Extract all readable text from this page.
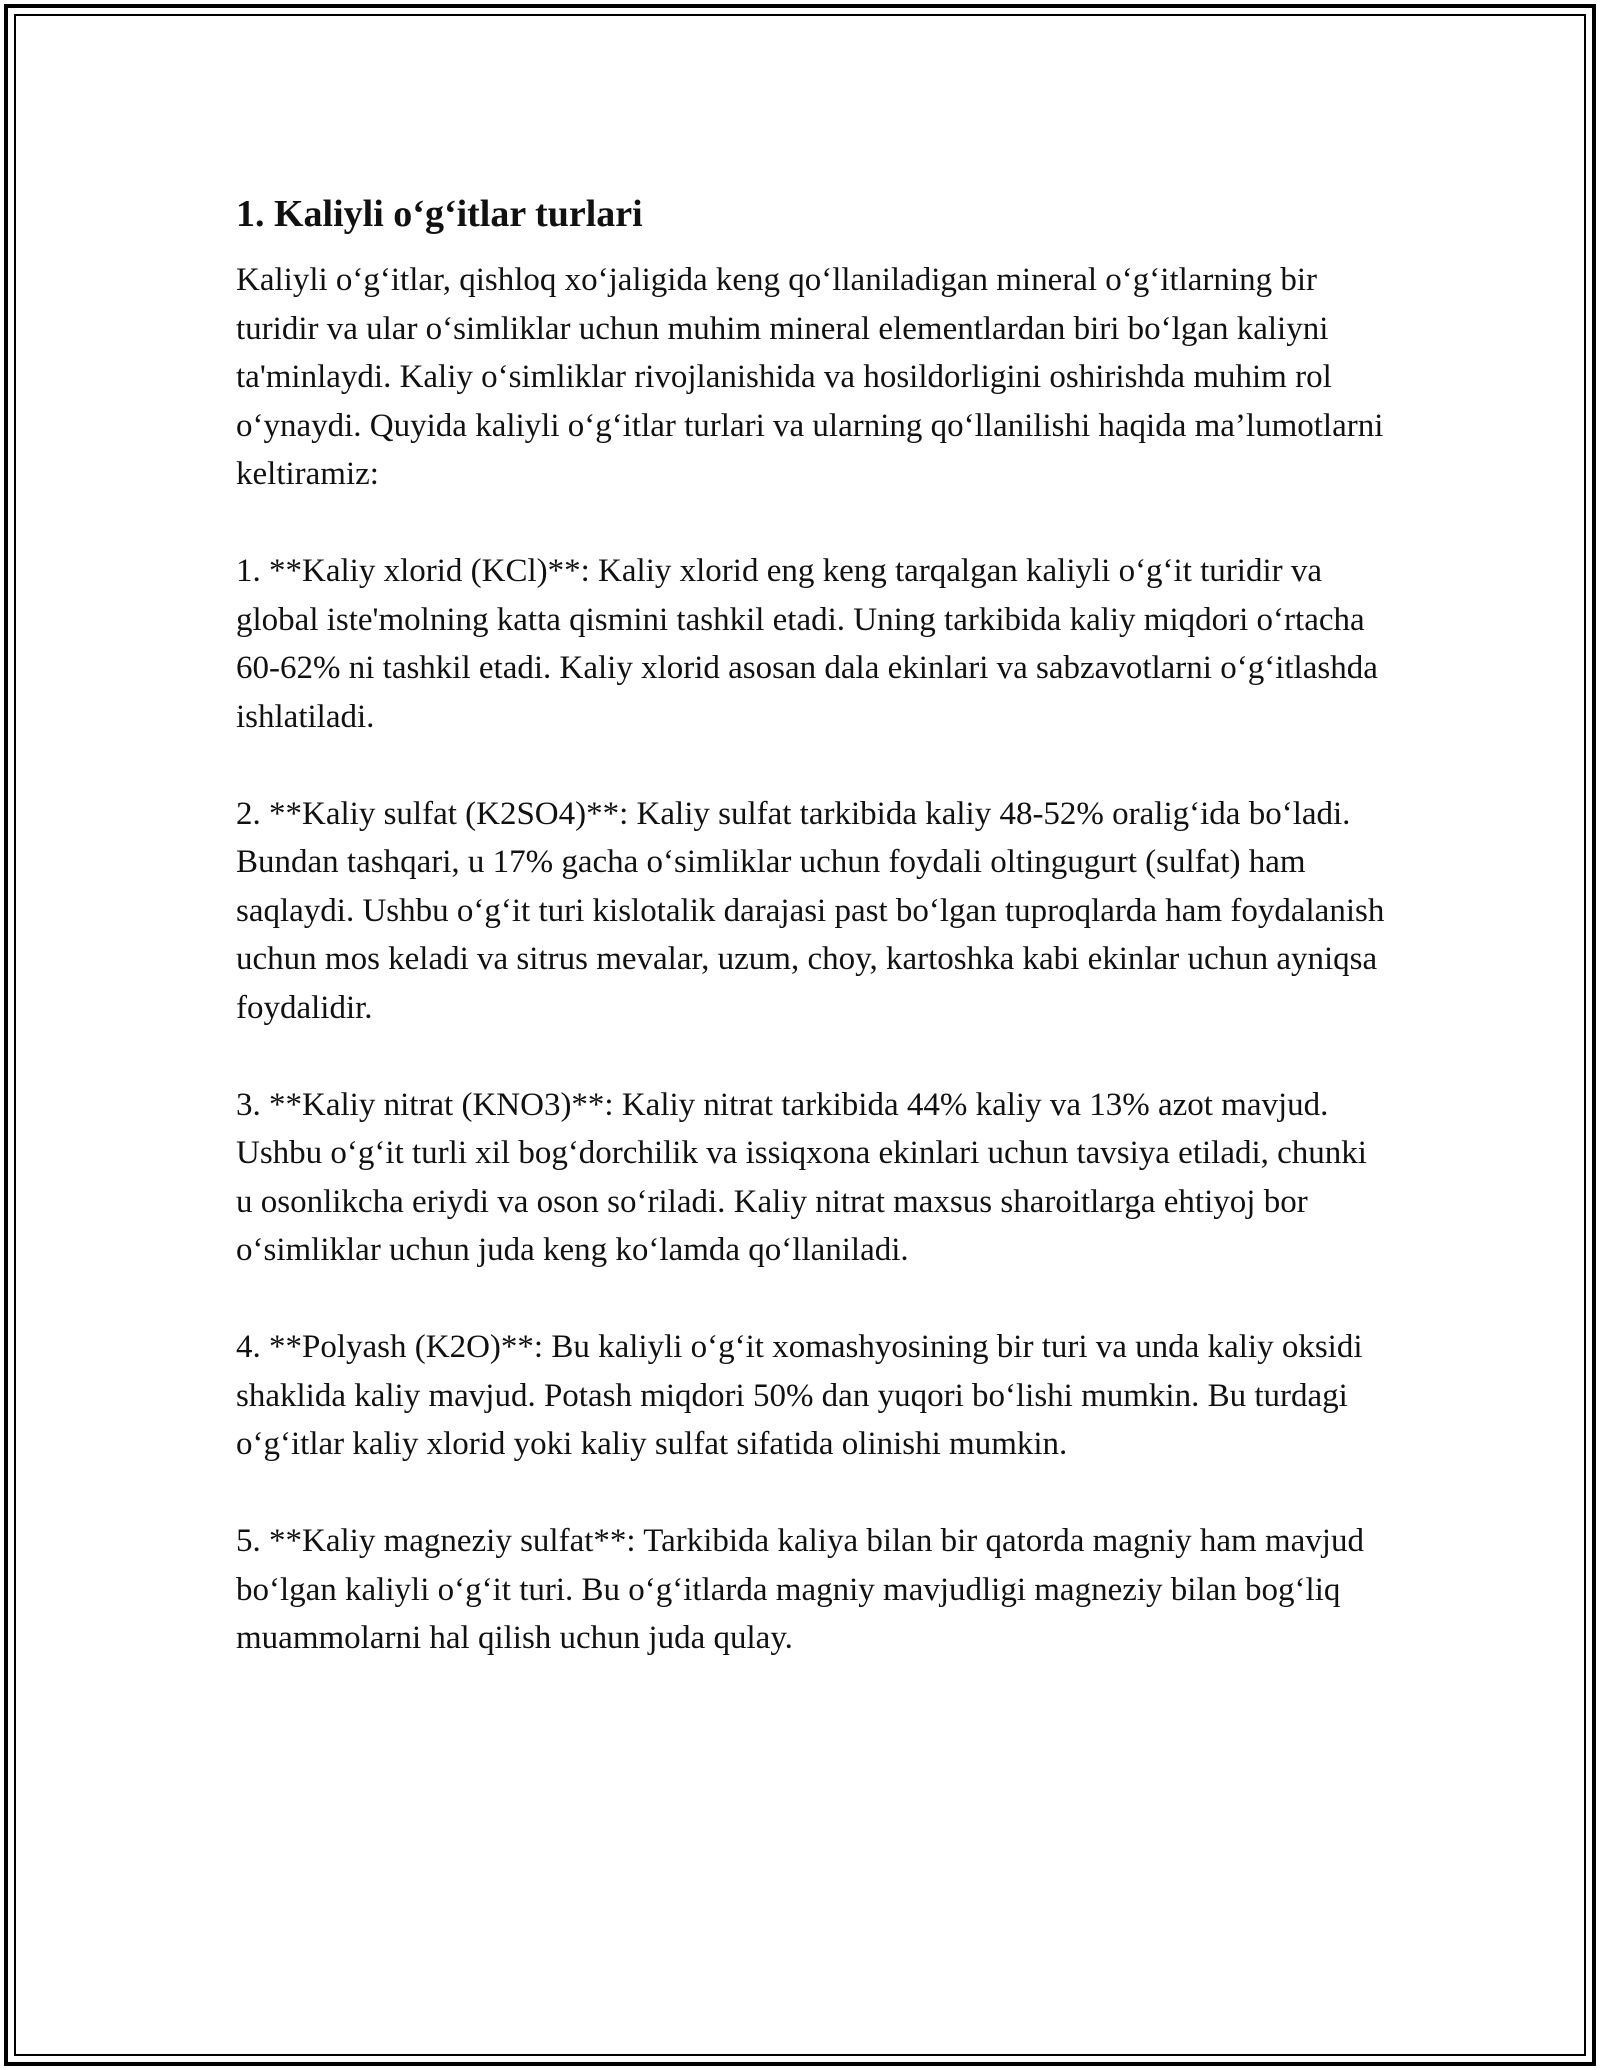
1. Kaliyli o‘g‘itlar turlari

Kaliyli o‘g‘itlar, qishloq xo‘jaligida keng qo‘llaniladigan mineral o‘g‘itlarning bir turidir va ular o‘simliklar uchun muhim mineral elementlardan biri bo‘lgan kaliyni ta'minlaydi. Kaliy o‘simliklar rivojlanishida va hosildorligini oshirishda muhim rol o‘ynaydi. Quyida kaliyli o‘g‘itlar turlari va ularning qo‘llanilishi haqida ma’lumotlarni keltiramiz:

1. **Kaliy xlorid (KCl)**: Kaliy xlorid eng keng tarqalgan kaliyli o‘g‘it turidir va global iste'molning katta qismini tashkil etadi. Uning tarkibida kaliy miqdori o‘rtacha 60-62% ni tashkil etadi. Kaliy xlorid asosan dala ekinlari va sabzavotlarni o‘g‘itlashda ishlatiladi.

2. **Kaliy sulfat (K2SO4)**: Kaliy sulfat tarkibida kaliy 48-52% oralig‘ida bo‘ladi. Bundan tashqari, u 17% gacha o‘simliklar uchun foydali oltingugurt (sulfat) ham saqlaydi. Ushbu o‘g‘it turi kislotalik darajasi past bo‘lgan tuproqlarda ham foydalanish uchun mos keladi va sitrus mevalar, uzum, choy, kartoshka kabi ekinlar uchun ayniqsa foydalidir.

3. **Kaliy nitrat (KNO3)**: Kaliy nitrat tarkibida 44% kaliy va 13% azot mavjud. Ushbu o‘g‘it turli xil bog‘dorchilik va issiqxona ekinlari uchun tavsiya etiladi, chunki u osonlikcha eriydi va oson so‘riladi. Kaliy nitrat maxsus sharoitlarga ehtiyoj bor o‘simliklar uchun juda keng ko‘lamda qo‘llaniladi.

4. **Polyash (K2O)**: Bu kaliyli o‘g‘it xomashyosining bir turi va unda kaliy oksidi shaklida kaliy mavjud. Potash miqdori 50% dan yuqori bo‘lishi mumkin. Bu turdagi o‘g‘itlar kaliy xlorid yoki kaliy sulfat sifatida olinishi mumkin.

5. **Kaliy magneziy sulfat**: Tarkibida kaliya bilan bir qatorda magniy ham mavjud bo‘lgan kaliyli o‘g‘it turi. Bu o‘g‘itlarda magniy mavjudligi magneziy bilan bog‘liq muammolarni hal qilish uchun juda qulay.
